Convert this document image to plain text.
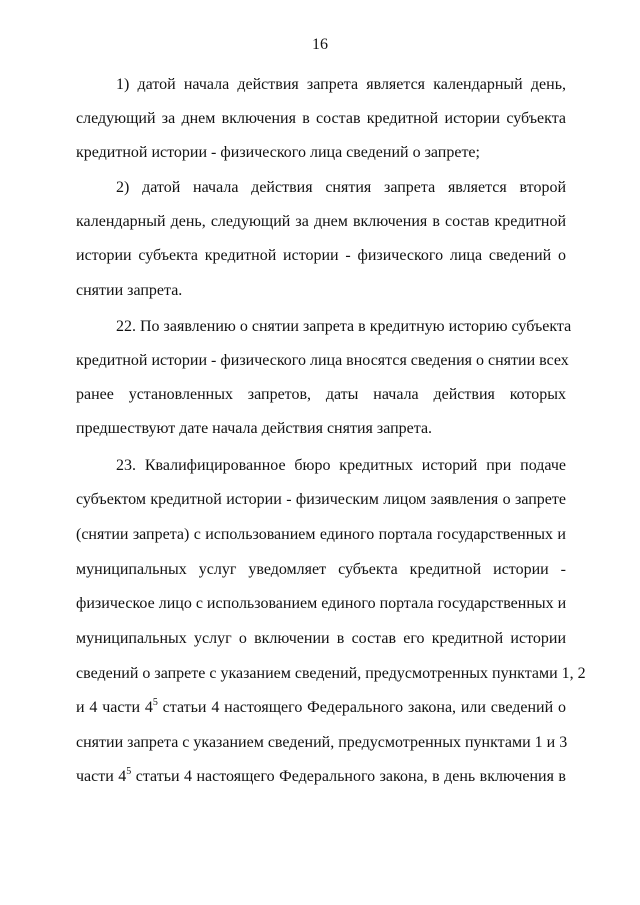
16
1) датой начала действия запрета является календарный день,
следующий за днем включения в состав кредитной истории субъекта
кредитной истории - физического лица сведений о запрете;
2) датой начала действия снятия запрета является второй
календарный день, следующий за днем включения в состав кредитной
истории субъекта кредитной истории - физического лица сведений о
снятии запрета.
22. По заявлению о снятии запрета в кредитную историю субъекта
кредитной истории - физического лица вносятся сведения о снятии всех
ранее установленных запретов, даты начала действия которых
предшествуют дате начала действия снятия запрета.
23. Квалифицированное бюро кредитных историй при подаче
субъектом кредитной истории - физическим лицом заявления о запрете
(снятии запрета) с использованием единого портала государственных и
муниципальных услуг уведомляет субъекта кредитной истории -
физическое лицо с использованием единого портала государственных и
муниципальных услуг о включении в состав его кредитной истории
сведений о запрете с указанием сведений, предусмотренных пунктами 1, 2
и 4 части $4^5$ статьи 4 настоящего Федерального закона, или сведений о
снятии запрета с указанием сведений, предусмотренных пунктами 1 и 3
части $4^5$ статьи 4 настоящего Федерального закона, в день включения в
